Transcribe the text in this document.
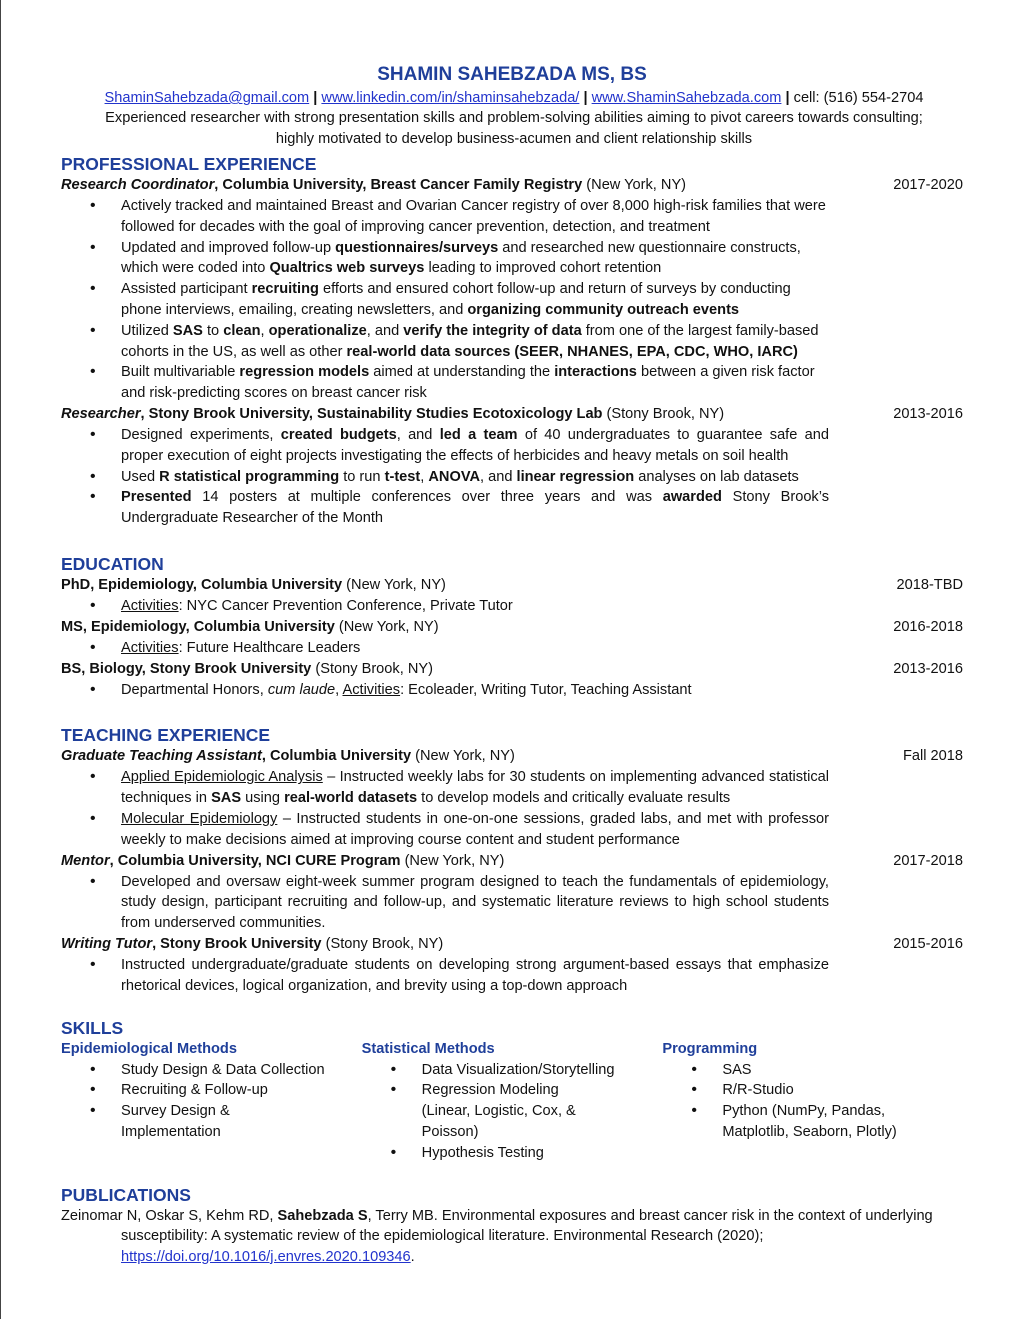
SHAMIN SAHEBZADA MS, BS
ShaminSahebzada@gmail.com | www.linkedin.com/in/shaminsahebzada/ | www.ShaminSahebzada.com | cell: (516) 554-2704
Experienced researcher with strong presentation skills and problem-solving abilities aiming to pivot careers towards consulting;
highly motivated to develop business-acumen and client relationship skills
PROFESSIONAL EXPERIENCE
Research Coordinator, Columbia University, Breast Cancer Family Registry (New York, NY)	2017-2020
• Actively tracked and maintained Breast and Ovarian Cancer registry of over 8,000 high-risk families that were followed for decades with the goal of improving cancer prevention, detection, and treatment
• Updated and improved follow-up questionnaires/surveys and researched new questionnaire constructs, which were coded into Qualtrics web surveys leading to improved cohort retention
• Assisted participant recruiting efforts and ensured cohort follow-up and return of surveys by conducting phone interviews, emailing, creating newsletters, and organizing community outreach events
• Utilized SAS to clean, operationalize, and verify the integrity of data from one of the largest family-based cohorts in the US, as well as other real-world data sources (SEER, NHANES, EPA, CDC, WHO, IARC)
• Built multivariable regression models aimed at understanding the interactions between a given risk factor and risk-predicting scores on breast cancer risk
Researcher, Stony Brook University, Sustainability Studies Ecotoxicology Lab (Stony Brook, NY)	2013-2016
• Designed experiments, created budgets, and led a team of 40 undergraduates to guarantee safe and proper execution of eight projects investigating the effects of herbicides and heavy metals on soil health
• Used R statistical programming to run t-test, ANOVA, and linear regression analyses on lab datasets
• Presented 14 posters at multiple conferences over three years and was awarded Stony Brook’s Undergraduate Researcher of the Month
EDUCATION
PhD, Epidemiology, Columbia University (New York, NY)	2018-TBD
• Activities: NYC Cancer Prevention Conference, Private Tutor
MS, Epidemiology, Columbia University (New York, NY)	2016-2018
• Activities: Future Healthcare Leaders
BS, Biology, Stony Brook University (Stony Brook, NY)	2013-2016
• Departmental Honors, cum laude, Activities: Ecoleader, Writing Tutor, Teaching Assistant
TEACHING EXPERIENCE
Graduate Teaching Assistant, Columbia University (New York, NY)	Fall 2018
• Applied Epidemiologic Analysis – Instructed weekly labs for 30 students on implementing advanced statistical techniques in SAS using real-world datasets to develop models and critically evaluate results
• Molecular Epidemiology – Instructed students in one-on-one sessions, graded labs, and met with professor weekly to make decisions aimed at improving course content and student performance
Mentor, Columbia University, NCI CURE Program (New York, NY)	2017-2018
• Developed and oversaw eight-week summer program designed to teach the fundamentals of epidemiology, study design, participant recruiting and follow-up, and systematic literature reviews to high school students from underserved communities.
Writing Tutor, Stony Brook University (Stony Brook, NY)	2015-2016
• Instructed undergraduate/graduate students on developing strong argument-based essays that emphasize rhetorical devices, logical organization, and brevity using a top-down approach
SKILLS
Epidemiological Methods
• Study Design & Data Collection
• Recruiting & Follow-up
• Survey Design & Implementation
Statistical Methods
• Data Visualization/Storytelling
• Regression Modeling (Linear, Logistic, Cox, & Poisson)
• Hypothesis Testing
Programming
• SAS
• R/R-Studio
• Python (NumPy, Pandas, Matplotlib, Seaborn, Plotly)
PUBLICATIONS
Zeinomar N, Oskar S, Kehm RD, Sahebzada S, Terry MB. Environmental exposures and breast cancer risk in the context of underlying susceptibility: A systematic review of the epidemiological literature. Environmental Research (2020); https://doi.org/10.1016/j.envres.2020.109346.
